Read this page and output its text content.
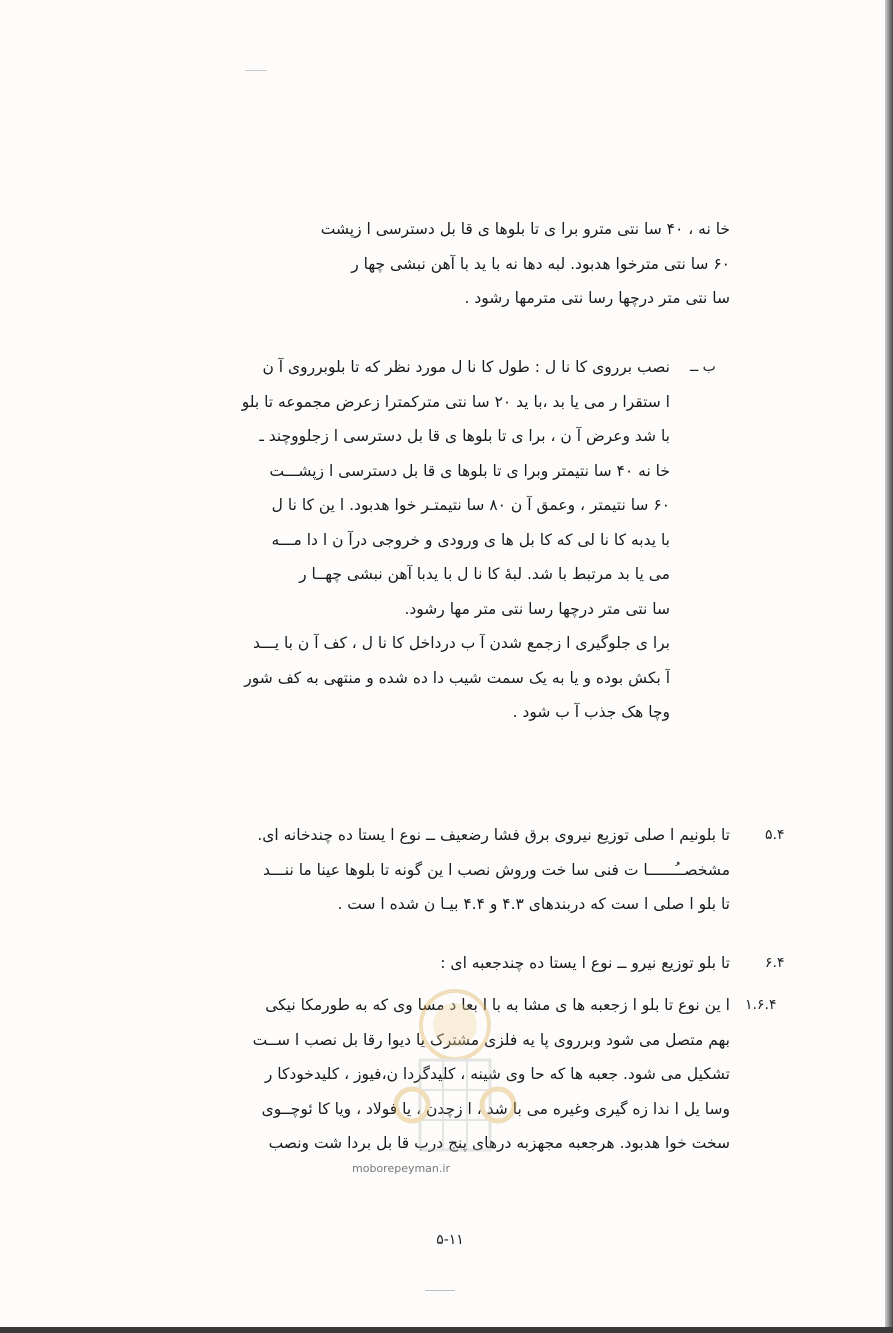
خا نه ، ۴۰ سا نتی مترو برا ی تا بلوها ی قا بل دسترسی ا زپشت
۶۰ سا نتی مترخوا هدبود. لبه دها نه با ید با آهن نبشی چها ر
سا نتی متر درچها رسا نتی مترمها رشود .
ب ــ
نصب برروی کا نا ل : طول کا نا ل مورد نظر که تا بلوبرروی آ ن
ا ستقرا ر می یا بد ،با ید ۲۰ سا نتی مترکمترا زعرض مجموعه تا بلو
با شد وعرض آ ن ، برا ی تا بلوها ی قا بل دسترسی ا زجلووچند ـ
خا نه ۴۰ سا نتیمتر وبرا ی تا بلوها ی قا بل دسترسی ا زپشـــت
۶۰ سا نتیمتر ، وعمق آ ن ۸۰ سا نتیمتـر خوا هدبود. ا ین کا نا ل
با یدبه کا نا لی که کا بل ها ی ورودی و خروجی درآ ن ا دا مـــه
می یا بد مرتبط با شد. لبهٔ کا نا ل با یدبا آهن نبشی چهــا ر
سا نتی متر درچها رسا نتی متر مها رشود.
برا ی جلوگیری ا زجمع شدن آ ب درداخل کا نا ل ، کف آ ن با یـــد
آ بکش بوده و یا به یک سمت شیب دا ده شده و منتهی به کف شور
وچا هک جذب آ ب شود .
۵.۴
تا بلونیم ا صلی توزیع نیروی برق فشا رضعیف ــ نوع ا یستا ده چندخانه ای.
مشخصــُــــــا ت فنی سا خت وروش نصب ا ین گونه تا بلوها عینا ما ننـــد
تا بلو ا صلی ا ست که دربندهای ۴.۳ و ۴.۴ بیـا ن شده ا ست .
۶.۴
تا بلو توزیع نیرو ــ نوع ا یستا ده چندجعبه ای :
۱.۶.۴
ا ین نوع تا بلو ا زجعبه ها ی مشا به با ا بعا د مسا وی که به طورمکا نیکی
بهم متصل می شود وبرروی پا یه فلزی مشترک یا دیوا رقا بل نصب ا ســت
تشکیل می شود. جعبه ها که حا وی شینه ، کلیدگردا ن،فیوز ، کلیدخودکا ر
وسا یل ا ندا زه گیری وغیره می با شد ، ا زچدن ، یا فولاد ، ویا کا ئوچــوی
سخت خوا هدبود. هرجعبه مجهزبه درهای پنج درب قا بل بردا شت ونصب
moborepeyman.ir
۵-۱۱
